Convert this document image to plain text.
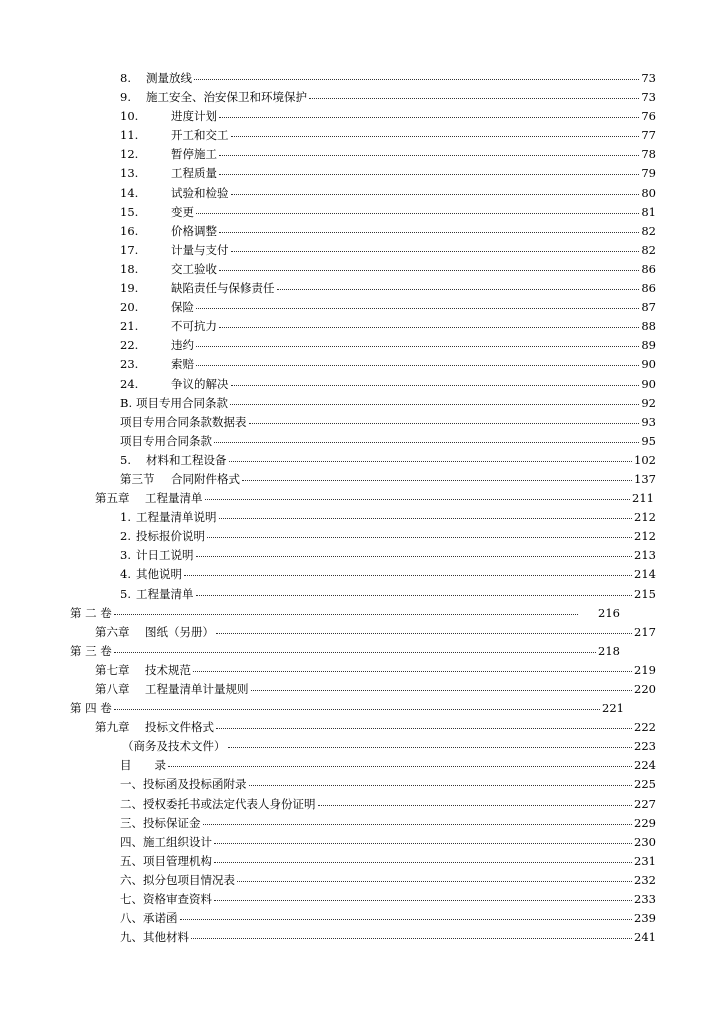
8.	测量放线	73
9.	施工安全、治安保卫和环境保护	73
10.	进度计划	76
11.	开工和交工	77
12.	暂停施工	78
13.	工程质量	79
14.	试验和检验	80
15.	变更	81
16.	价格调整	82
17.	计量与支付	82
18.	交工验收	86
19.	缺陷责任与保修责任	86
20.	保险	87
21.	不可抗力	88
22.	违约	89
23.	索赔	90
24.	争议的解决	90
B. 项目专用合同条款	92
项目专用合同条款数据表	93
项目专用合同条款	95
5.	材料和工程设备	102
第三节	合同附件格式	137
第五章	工程量清单	211
1. 工程量清单说明	212
2. 投标报价说明	212
3. 计日工说明	213
4. 其他说明	214
5. 工程量清单	215
第 二 卷	216
第六章	图纸（另册）	217
第 三 卷	218
第七章	技术规范	219
第八章	工程量清单计量规则	220
第 四 卷	221
第九章	投标文件格式	222
（商务及技术文件）	223
目　　录	224
一、 投标函及投标函附录	225
二、 授权委托书或法定代表人身份证明	227
三、 投标保证金	229
四、 施工组织设计	230
五、 项目管理机构	231
六、 拟分包项目情况表	232
七、 资格审查资料	233
八、 承诺函	239
九、 其他材料	241
